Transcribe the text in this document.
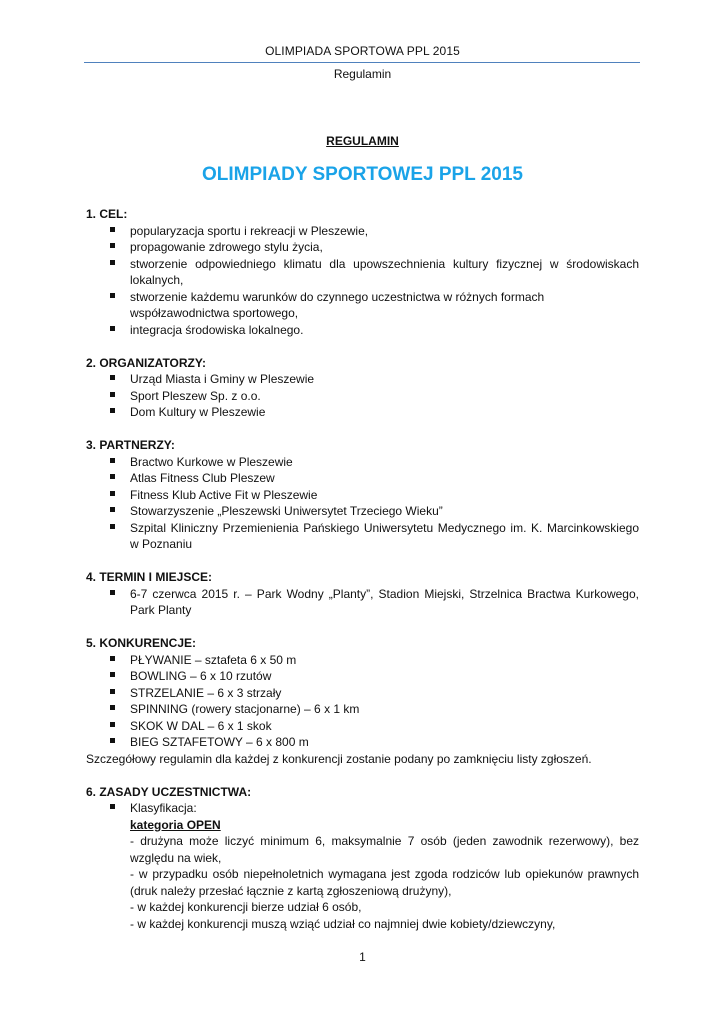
OLIMPIADA SPORTOWA PPL 2015
Regulamin
REGULAMIN
OLIMPIADY SPORTOWEJ PPL 2015
1. CEL:
popularyzacja sportu i rekreacji w Pleszewie,
propagowanie zdrowego stylu życia,
stworzenie odpowiedniego klimatu dla upowszechnienia kultury fizycznej w środowiskach lokalnych,
stworzenie każdemu warunków do czynnego uczestnictwa w różnych formach współzawodnictwa sportowego,
integracja środowiska lokalnego.
2. ORGANIZATORZY:
Urząd Miasta i Gminy w Pleszewie
Sport Pleszew Sp. z o.o.
Dom Kultury w Pleszewie
3. PARTNERZY:
Bractwo Kurkowe w Pleszewie
Atlas Fitness Club Pleszew
Fitness Klub Active Fit w Pleszewie
Stowarzyszenie „Pleszewski Uniwersytet Trzeciego Wieku”
Szpital Kliniczny Przemienienia Pańskiego Uniwersytetu Medycznego im. K. Marcinkowskiego w Poznaniu
4. TERMIN I MIEJSCE:
6-7 czerwca 2015 r. – Park Wodny „Planty”, Stadion Miejski, Strzelnica Bractwa Kurkowego, Park Planty
5. KONKURENCJE:
PŁYWANIE – sztafeta 6 x 50 m
BOWLING – 6 x 10 rzutów
STRZELANIE – 6 x 3 strzały
SPINNING (rowery stacjonarne) – 6 x 1 km
SKOK W DAL – 6 x 1 skok
BIEG SZTAFETOWY – 6 x 800 m
Szczegółowy regulamin dla każdej z konkurencji zostanie podany po zamknięciu listy zgłoszeń.
6. ZASADY UCZESTNICTWA:
Klasyfikacja:
kategoria OPEN
- drużyna może liczyć minimum 6, maksymalnie 7 osób (jeden zawodnik rezerwowy), bez względu na wiek,
- w przypadku osób niepełnoletnich wymagana jest zgoda rodziców lub opiekunów prawnych (druk należy przesłać łącznie z kartą zgłoszeniową drużyny),
- w każdej konkurencji bierze udział 6 osób,
- w każdej konkurencji muszą wziąć udział co najmniej dwie kobiety/dziewczyny,
1
